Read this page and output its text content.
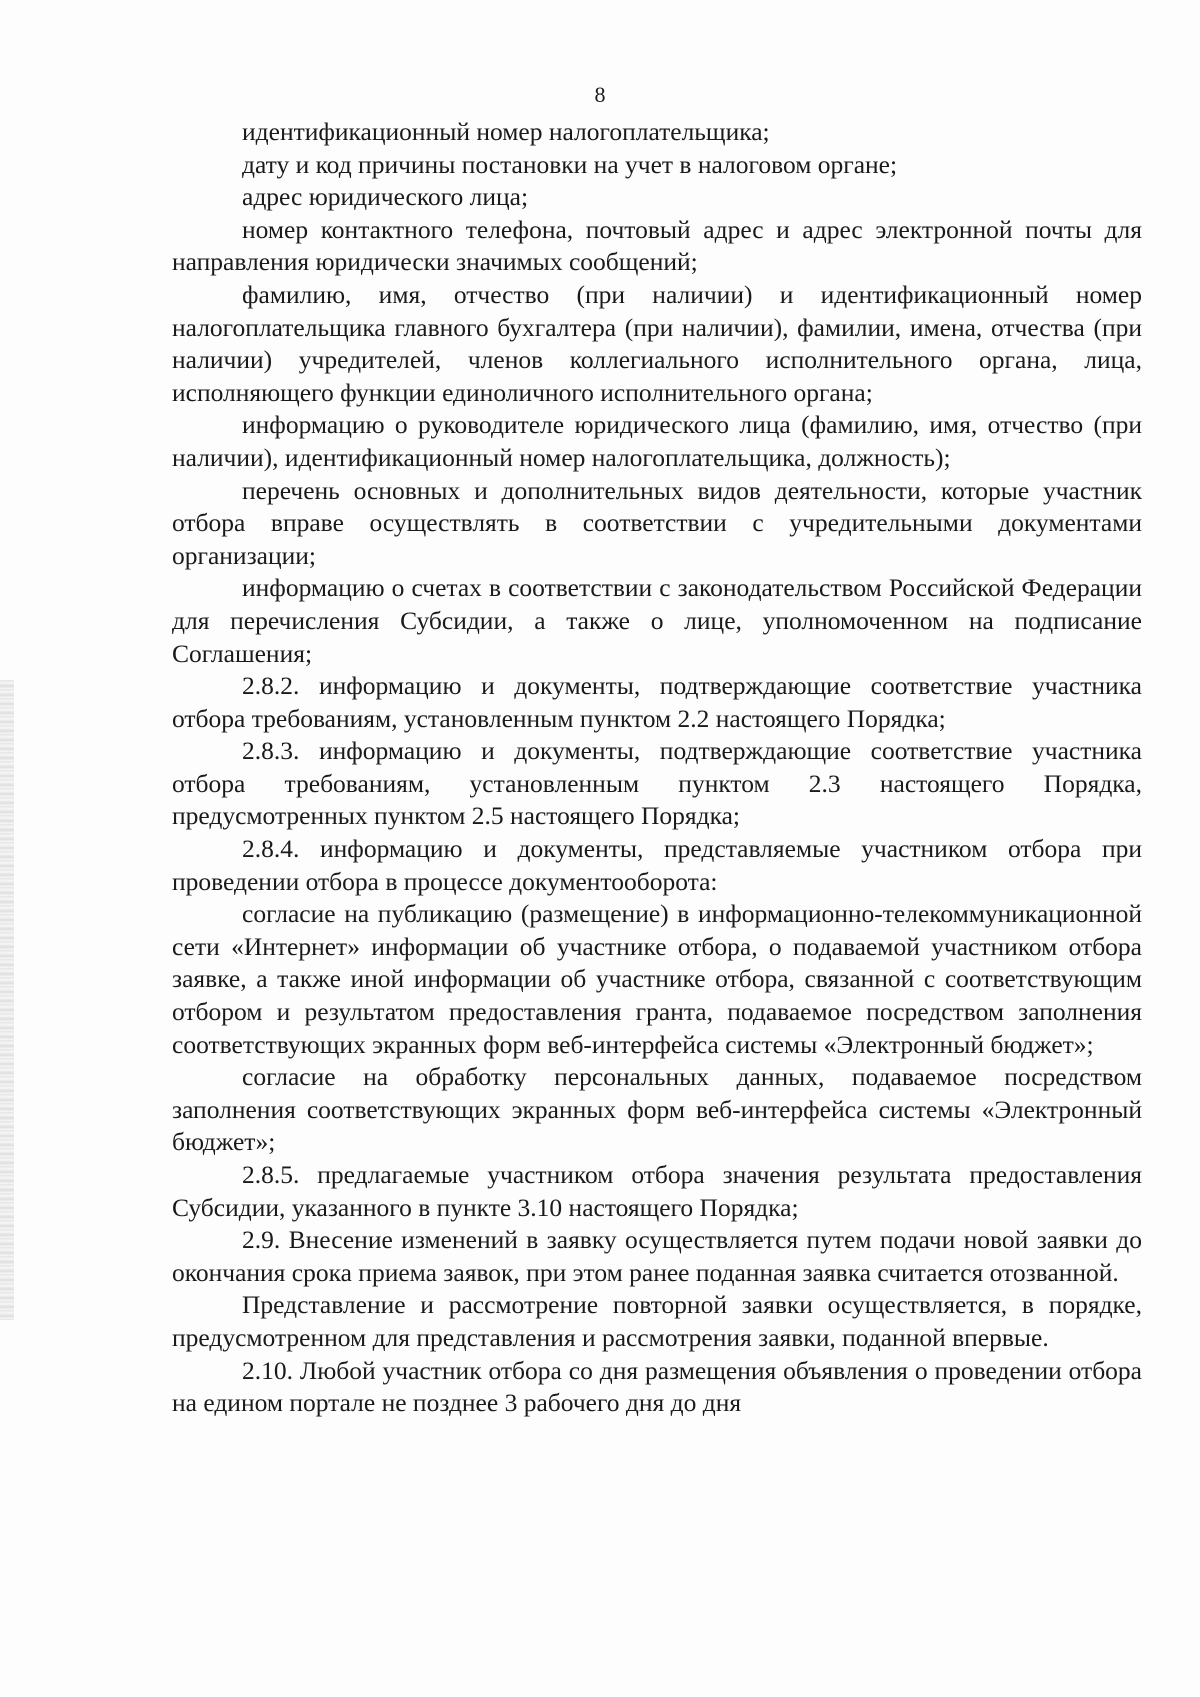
8

идентификационный номер налогоплательщика;

дату и код причины постановки на учет в налоговом органе;

адрес юридического лица;

номер контактного телефона, почтовый адрес и адрес электронной почты для направления юридически значимых сообщений;

фамилию, имя, отчество (при наличии) и идентификационный номер налогоплательщика главного бухгалтера (при наличии), фамилии, имена, отчества (при наличии) учредителей, членов коллегиального исполнительного органа, лица, исполняющего функции единоличного исполнительного органа;

информацию о руководителе юридического лица (фамилию, имя, отчество (при наличии), идентификационный номер налогоплательщика, должность);

перечень основных и дополнительных видов деятельности, которые участник отбора вправе осуществлять в соответствии с учредительными документами организации;

информацию о счетах в соответствии с законодательством Российской Федерации для перечисления Субсидии, а также о лице, уполномоченном на подписание Соглашения;

2.8.2. информацию и документы, подтверждающие соответствие участника отбора требованиям, установленным пунктом 2.2 настоящего Порядка;

2.8.3. информацию и документы, подтверждающие соответствие участника отбора требованиям, установленным пунктом 2.3 настоящего Порядка, предусмотренных пунктом 2.5 настоящего Порядка;

2.8.4. информацию и документы, представляемые участником отбора при проведении отбора в процессе документооборота:

согласие на публикацию (размещение) в информационно-телекоммуникационной сети «Интернет» информации об участнике отбора, о подаваемой участником отбора заявке, а также иной информации об участнике отбора, связанной с соответствующим отбором и результатом предоставления гранта, подаваемое посредством заполнения соответствующих экранных форм веб-интерфейса системы «Электронный бюджет»;

согласие на обработку персональных данных, подаваемое посредством заполнения соответствующих экранных форм веб-интерфейса системы «Электронный бюджет»;

2.8.5. предлагаемые участником отбора значения результата предоставления Субсидии, указанного в пункте 3.10 настоящего Порядка;

2.9. Внесение изменений в заявку осуществляется путем подачи новой заявки до окончания срока приема заявок, при этом ранее поданная заявка считается отозванной.

Представление и рассмотрение повторной заявки осуществляется, в порядке, предусмотренном для представления и рассмотрения заявки, поданной впервые.

2.10. Любой участник отбора со дня размещения объявления о проведении отбора на едином портале не позднее 3 рабочего дня до дня
